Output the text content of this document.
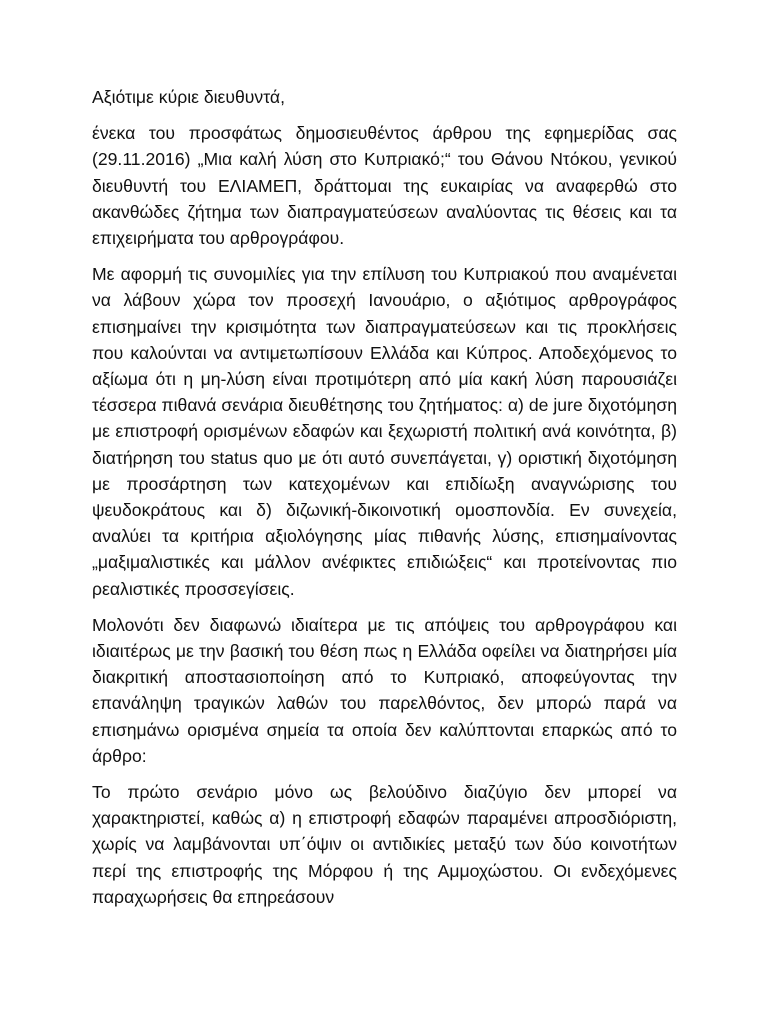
Αξιότιμε κύριε διευθυντά,

ένεκα του προσφάτως δημοσιευθέντος άρθρου της εφημερίδας σας (29.11.2016) „Μια καλή λύση στο Κυπριακό;“ του Θάνου Ντόκου, γενικού διευθυντή του ΕΛΙΑΜΕΠ, δράττομαι της ευκαιρίας να αναφερθώ στο ακανθώδες ζήτημα των διαπραγματεύσεων αναλύοντας τις θέσεις και τα επιχειρήματα του αρθρογράφου.

Με αφορμή τις συνομιλίες για την επίλυση του Κυπριακού που αναμένεται να λάβουν χώρα τον προσεχή Ιανουάριο, ο αξιότιμος αρθρογράφος επισημαίνει την κρισιμότητα των διαπραγματεύσεων και τις προκλήσεις που καλούνται να αντιμετωπίσουν Ελλάδα και Κύπρος. Αποδεχόμενος το αξίωμα ότι η μη-λύση είναι προτιμότερη από μία κακή λύση παρουσιάζει τέσσερα πιθανά σενάρια διευθέτησης του ζητήματος: α) de jure διχοτόμηση με επιστροφή ορισμένων εδαφών και ξεχωριστή πολιτική ανά κοινότητα, β) διατήρηση του status quo με ότι αυτό συνεπάγεται, γ) οριστική διχοτόμηση με προσάρτηση των κατεχομένων και επιδίωξη αναγνώρισης του ψευδοκράτους και δ) διζωνική-δικοινοτική ομοσπονδία. Εν συνεχεία, αναλύει τα κριτήρια αξιολόγησης μίας πιθανής λύσης, επισημαίνοντας „μαξιμαλιστικές και μάλλον ανέφικτες επιδιώξεις“ και προτείνοντας πιο ρεαλιστικές προσσεγίσεις.

Μολονότι δεν διαφωνώ ιδιαίτερα με τις απόψεις του αρθρογράφου και ιδιαιτέρως με την βασική του θέση πως η Ελλάδα οφείλει να διατηρήσει μία διακριτική αποστασιοποίηση από το Κυπριακό, αποφεύγοντας την επανάληψη τραγικών λαθών του παρελθόντος, δεν μπορώ παρά να επισημάνω ορισμένα σημεία τα οποία δεν καλύπτονται επαρκώς από το άρθρο:

Το πρώτο σενάριο μόνο ως βελούδινο διαζύγιο δεν μπορεί να χαρακτηριστεί, καθώς α) η επιστροφή εδαφών παραμένει απροσδιόριστη, χωρίς να λαμβάνονται υπ΄όψιν οι αντιδικίες μεταξύ των δύο κοινοτήτων περί της επιστροφής της Μόρφου ή της Αμμοχώστου. Οι ενδεχόμενες παραχωρήσεις θα επηρεάσουν
